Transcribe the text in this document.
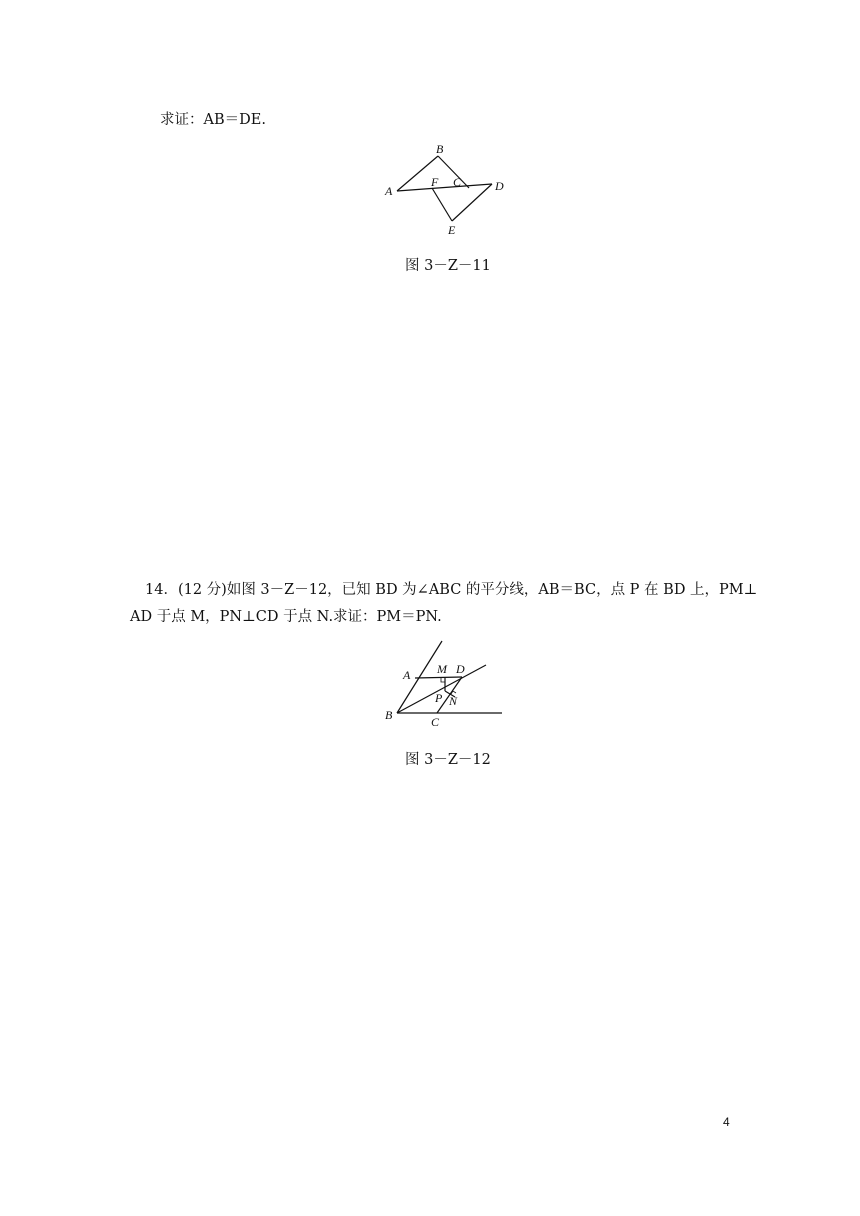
求证：AB＝DE.
A
B
C	D
E
F
图 3－Z－11
14．(12 分)如图 3－Z－12，已知 BD 为∠ABC 的平分线，AB＝BC，点 P 在 BD 上，PM⊥
AD 于点 M，PN⊥CD 于点 N.求证：PM＝PN.
A
B	C
D
M
N
P
图 3－Z－12
4
